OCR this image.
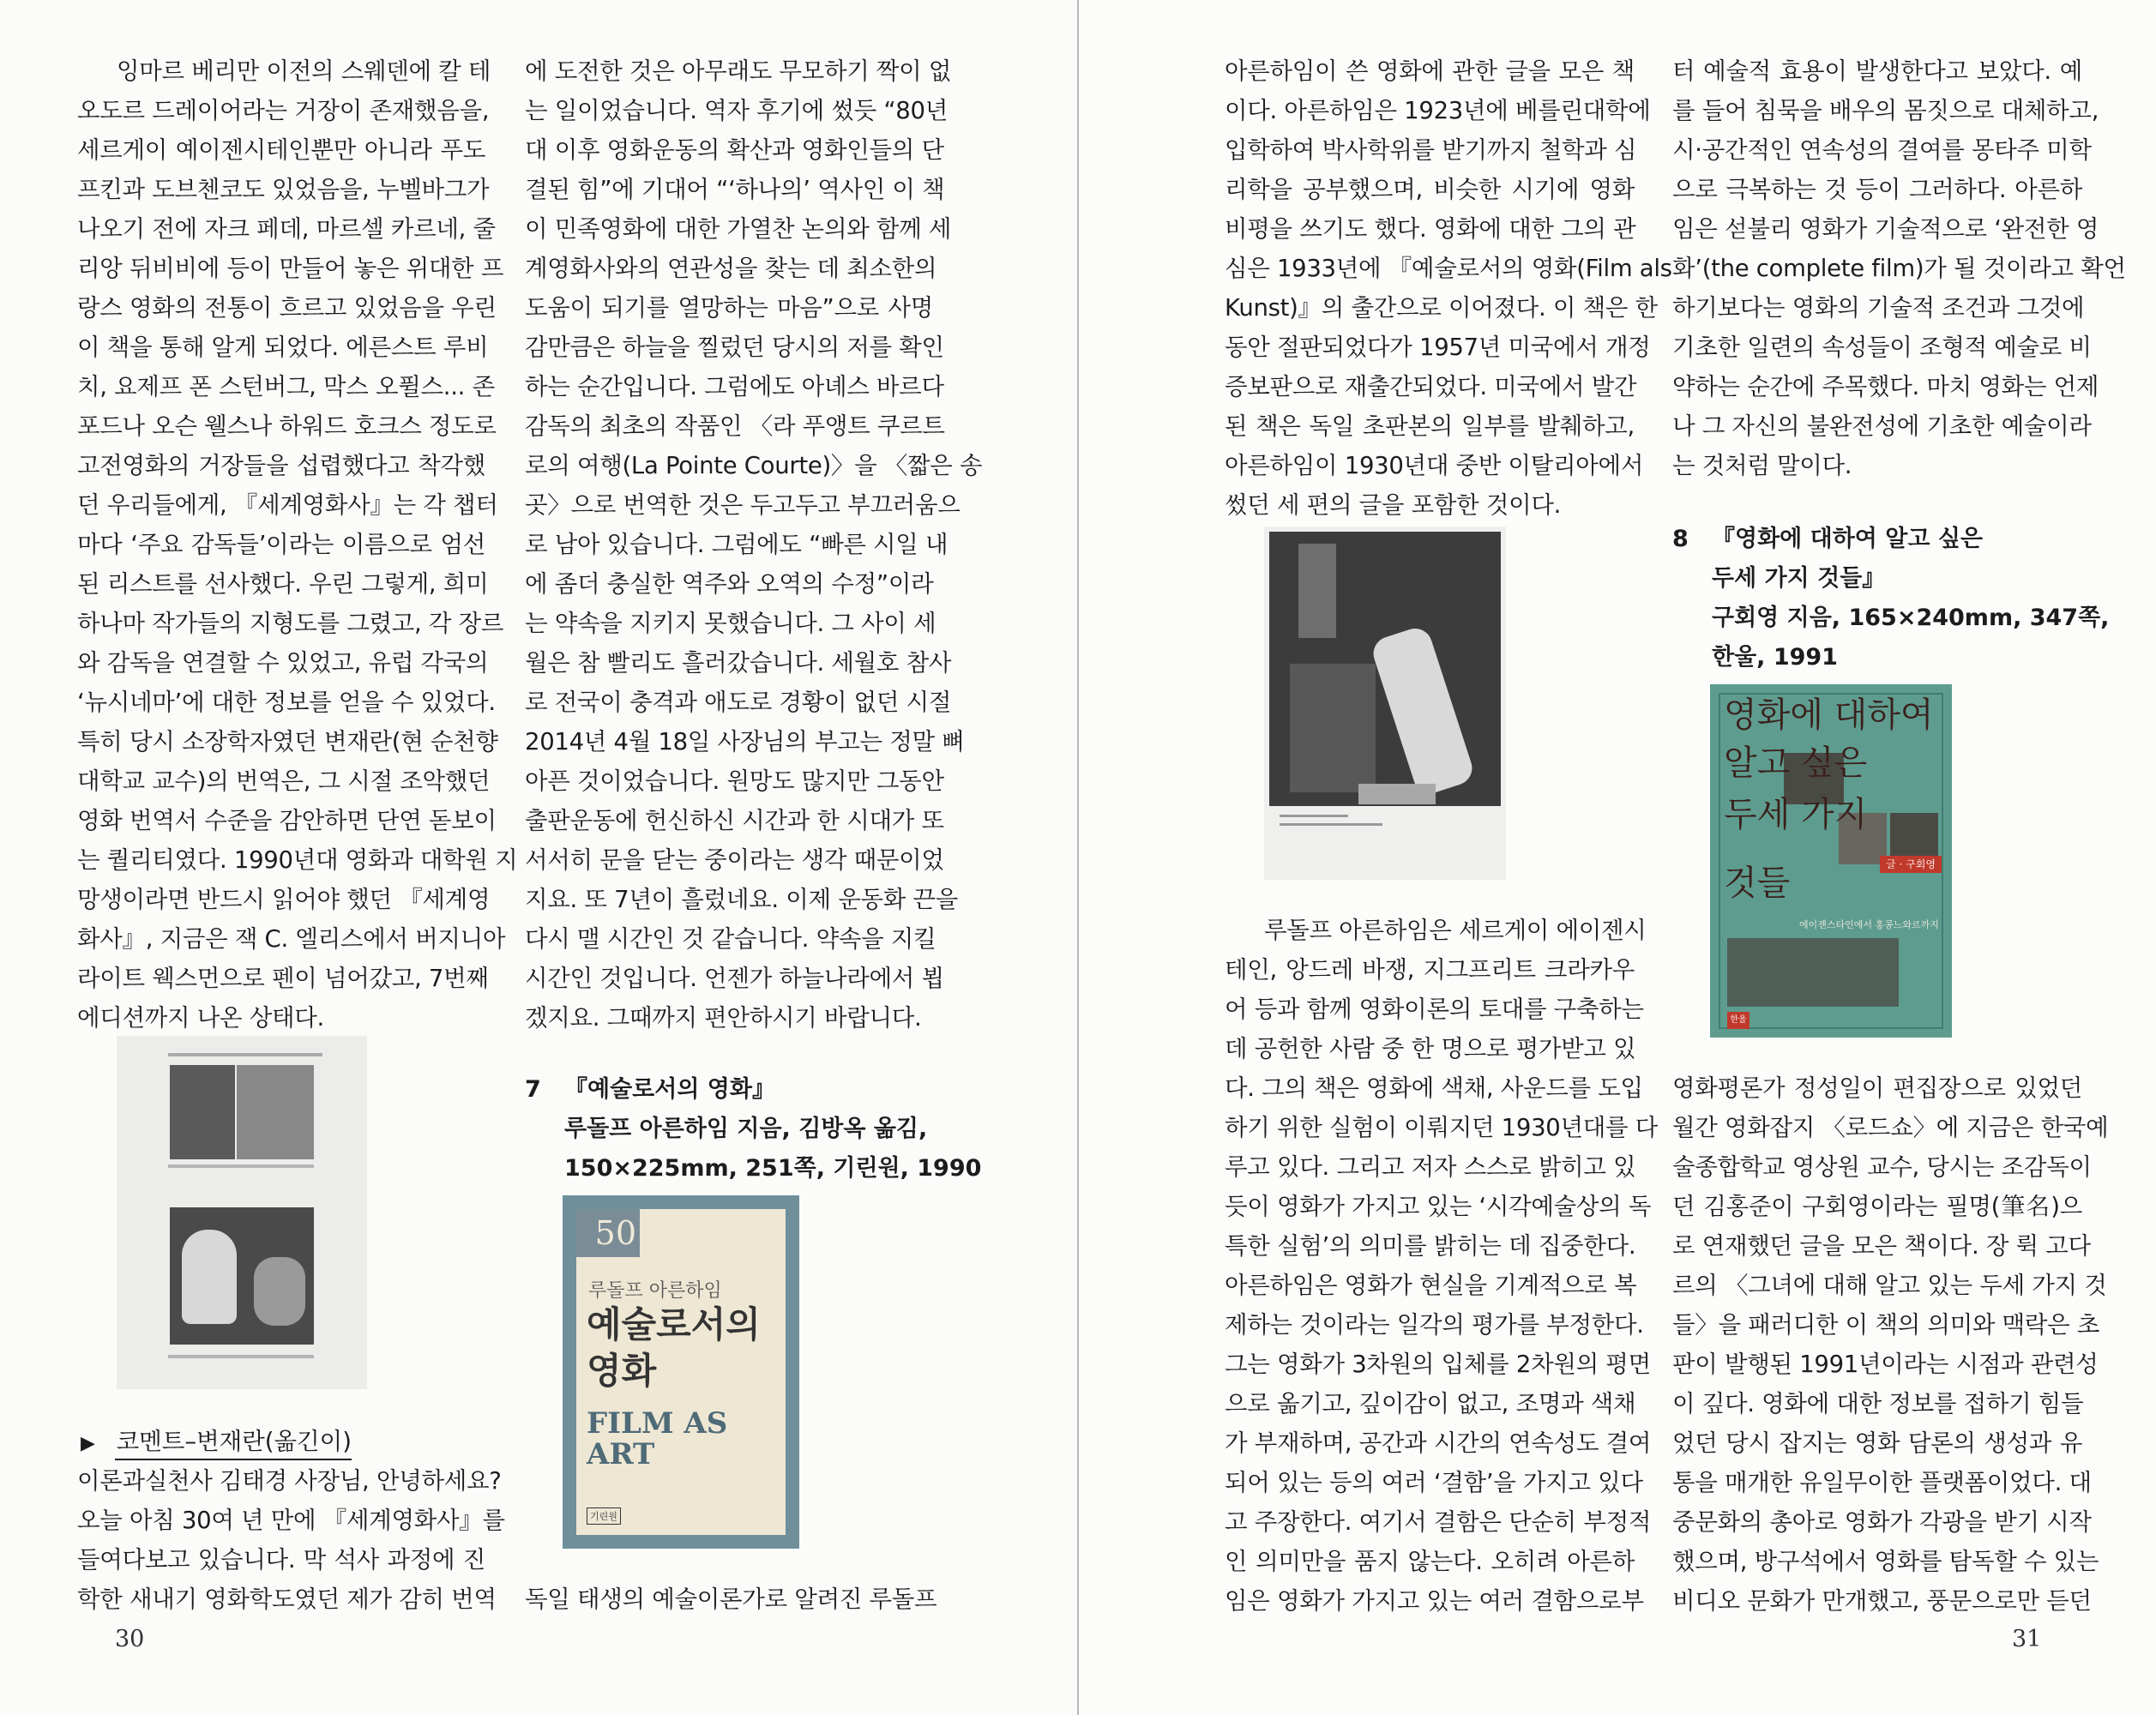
잉마르 베리만 이전의 스웨덴에 칼 테
오도르 드레이어라는 거장이 존재했음을,
세르게이 예이젠시테인뿐만 아니라 푸도
프킨과 도브첸코도 있었음을, 누벨바그가
나오기 전에 자크 페데, 마르셀 카르네, 줄
리앙 뒤비비에 등이 만들어 놓은 위대한 프
랑스 영화의 전통이 흐르고 있었음을 우린
이 책을 통해 알게 되었다. 에른스트 루비
치, 요제프 폰 스턴버그, 막스 오퓔스... 존
포드나 오슨 웰스나 하워드 호크스 정도로
고전영화의 거장들을 섭렵했다고 착각했
던 우리들에게, 『세계영화사』는 각 챕터
마다 ‘주요 감독들’이라는 이름으로 엄선
된 리스트를 선사했다. 우린 그렇게, 희미
하나마 작가들의 지형도를 그렸고, 각 장르
와 감독을 연결할 수 있었고, 유럽 각국의
‘뉴시네마’에 대한 정보를 얻을 수 있었다.
특히 당시 소장학자였던 변재란(현 순천향
대학교 교수)의 번역은, 그 시절 조악했던
영화 번역서 수준을 감안하면 단연 돋보이
는 퀄리티였다. 1990년대 영화과 대학원 지
망생이라면 반드시 읽어야 했던 『세계영
화사』, 지금은 잭 C. 엘리스에서 버지니아
라이트 웩스먼으로 펜이 넘어갔고, 7번째
에디션까지 나온 상태다.
▶ 코멘트–변재란(옮긴이)
이론과실천사 김태경 사장님, 안녕하세요?
오늘 아침 30여 년 만에 『세계영화사』를
들여다보고 있습니다. 막 석사 과정에 진
학한 새내기 영화학도였던 제가 감히 번역
에 도전한 것은 아무래도 무모하기 짝이 없
는 일이었습니다. 역자 후기에 썼듯 “80년
대 이후 영화운동의 확산과 영화인들의 단
결된 힘”에 기대어 “‘하나의’ 역사인 이 책
이 민족영화에 대한 가열찬 논의와 함께 세
계영화사와의 연관성을 찾는 데 최소한의
도움이 되기를 열망하는 마음”으로 사명
감만큼은 하늘을 찔렀던 당시의 저를 확인
하는 순간입니다. 그럼에도 아녜스 바르다
감독의 최초의 작품인 〈라 푸앵트 쿠르트
로의 여행(La Pointe Courte)〉을 〈짧은 송
곳〉으로 번역한 것은 두고두고 부끄러움으
로 남아 있습니다. 그럼에도 “빠른 시일 내
에 좀더 충실한 역주와 오역의 수정”이라
는 약속을 지키지 못했습니다. 그 사이 세
월은 참 빨리도 흘러갔습니다. 세월호 참사
로 전국이 충격과 애도로 경황이 없던 시절
2014년 4월 18일 사장님의 부고는 정말 뼈
아픈 것이었습니다. 원망도 많지만 그동안
출판운동에 헌신하신 시간과 한 시대가 또
서서히 문을 닫는 중이라는 생각 때문이었
지요. 또 7년이 흘렀네요. 이제 운동화 끈을
다시 맬 시간인 것 같습니다. 약속을 지킬
시간인 것입니다. 언젠가 하늘나라에서 뵙
겠지요. 그때까지 편안하시기 바랍니다.
7 『예술로서의 영화』
루돌프 아른하임 지음, 김방옥 옮김,
150×225mm, 251쪽, 기린원, 1990
50
루돌프 아른하임
예술로서의
영화
FILM AS
ART
기린원
독일 태생의 예술이론가로 알려진 루돌프
30
아른하임이 쓴 영화에 관한 글을 모은 책
이다. 아른하임은 1923년에 베를린대학에
입학하여 박사학위를 받기까지 철학과 심
리학을 공부했으며, 비슷한 시기에 영화
비평을 쓰기도 했다. 영화에 대한 그의 관
심은 1933년에 『예술로서의 영화(Film als
Kunst)』의 출간으로 이어졌다. 이 책은 한
동안 절판되었다가 1957년 미국에서 개정
증보판으로 재출간되었다. 미국에서 발간
된 책은 독일 초판본의 일부를 발췌하고,
아른하임이 1930년대 중반 이탈리아에서
썼던 세 편의 글을 포함한 것이다.
루돌프 아른하임은 세르게이 에이젠시
테인, 앙드레 바쟁, 지그프리트 크라카우
어 등과 함께 영화이론의 토대를 구축하는
데 공헌한 사람 중 한 명으로 평가받고 있
다. 그의 책은 영화에 색채, 사운드를 도입
하기 위한 실험이 이뤄지던 1930년대를 다
루고 있다. 그리고 저자 스스로 밝히고 있
듯이 영화가 가지고 있는 ‘시각예술상의 독
특한 실험’의 의미를 밝히는 데 집중한다.
아른하임은 영화가 현실을 기계적으로 복
제하는 것이라는 일각의 평가를 부정한다.
그는 영화가 3차원의 입체를 2차원의 평면
으로 옮기고, 깊이감이 없고, 조명과 색채
가 부재하며, 공간과 시간의 연속성도 결여
되어 있는 등의 여러 ‘결함’을 가지고 있다
고 주장한다. 여기서 결함은 단순히 부정적
인 의미만을 품지 않는다. 오히려 아른하
임은 영화가 가지고 있는 여러 결함으로부
터 예술적 효용이 발생한다고 보았다. 예
를 들어 침묵을 배우의 몸짓으로 대체하고,
시·공간적인 연속성의 결여를 몽타주 미학
으로 극복하는 것 등이 그러하다. 아른하
임은 섣불리 영화가 기술적으로 ‘완전한 영
화’(the complete film)가 될 것이라고 확언
하기보다는 영화의 기술적 조건과 그것에
기초한 일련의 속성들이 조형적 예술로 비
약하는 순간에 주목했다. 마치 영화는 언제
나 그 자신의 불완전성에 기초한 예술이라
는 것처럼 말이다.
8 『영화에 대하여 알고 싶은
두세 가지 것들』
구회영 지음, 165×240mm, 347쪽,
한울, 1991
영화에 대하여
알고 싶은
두세 가지
것들	글 · 구회영
에이젠스타인에서 홍콩느와르까지
한울
영화평론가 정성일이 편집장으로 있었던
월간 영화잡지 〈로드쇼〉에 지금은 한국예
술종합학교 영상원 교수, 당시는 조감독이
던 김홍준이 구회영이라는 필명(筆名)으
로 연재했던 글을 모은 책이다. 장 뤽 고다
르의 〈그녀에 대해 알고 있는 두세 가지 것
들〉을 패러디한 이 책의 의미와 맥락은 초
판이 발행된 1991년이라는 시점과 관련성
이 깊다. 영화에 대한 정보를 접하기 힘들
었던 당시 잡지는 영화 담론의 생성과 유
통을 매개한 유일무이한 플랫폼이었다. 대
중문화의 총아로 영화가 각광을 받기 시작
했으며, 방구석에서 영화를 탐독할 수 있는
비디오 문화가 만개했고, 풍문으로만 듣던
31
